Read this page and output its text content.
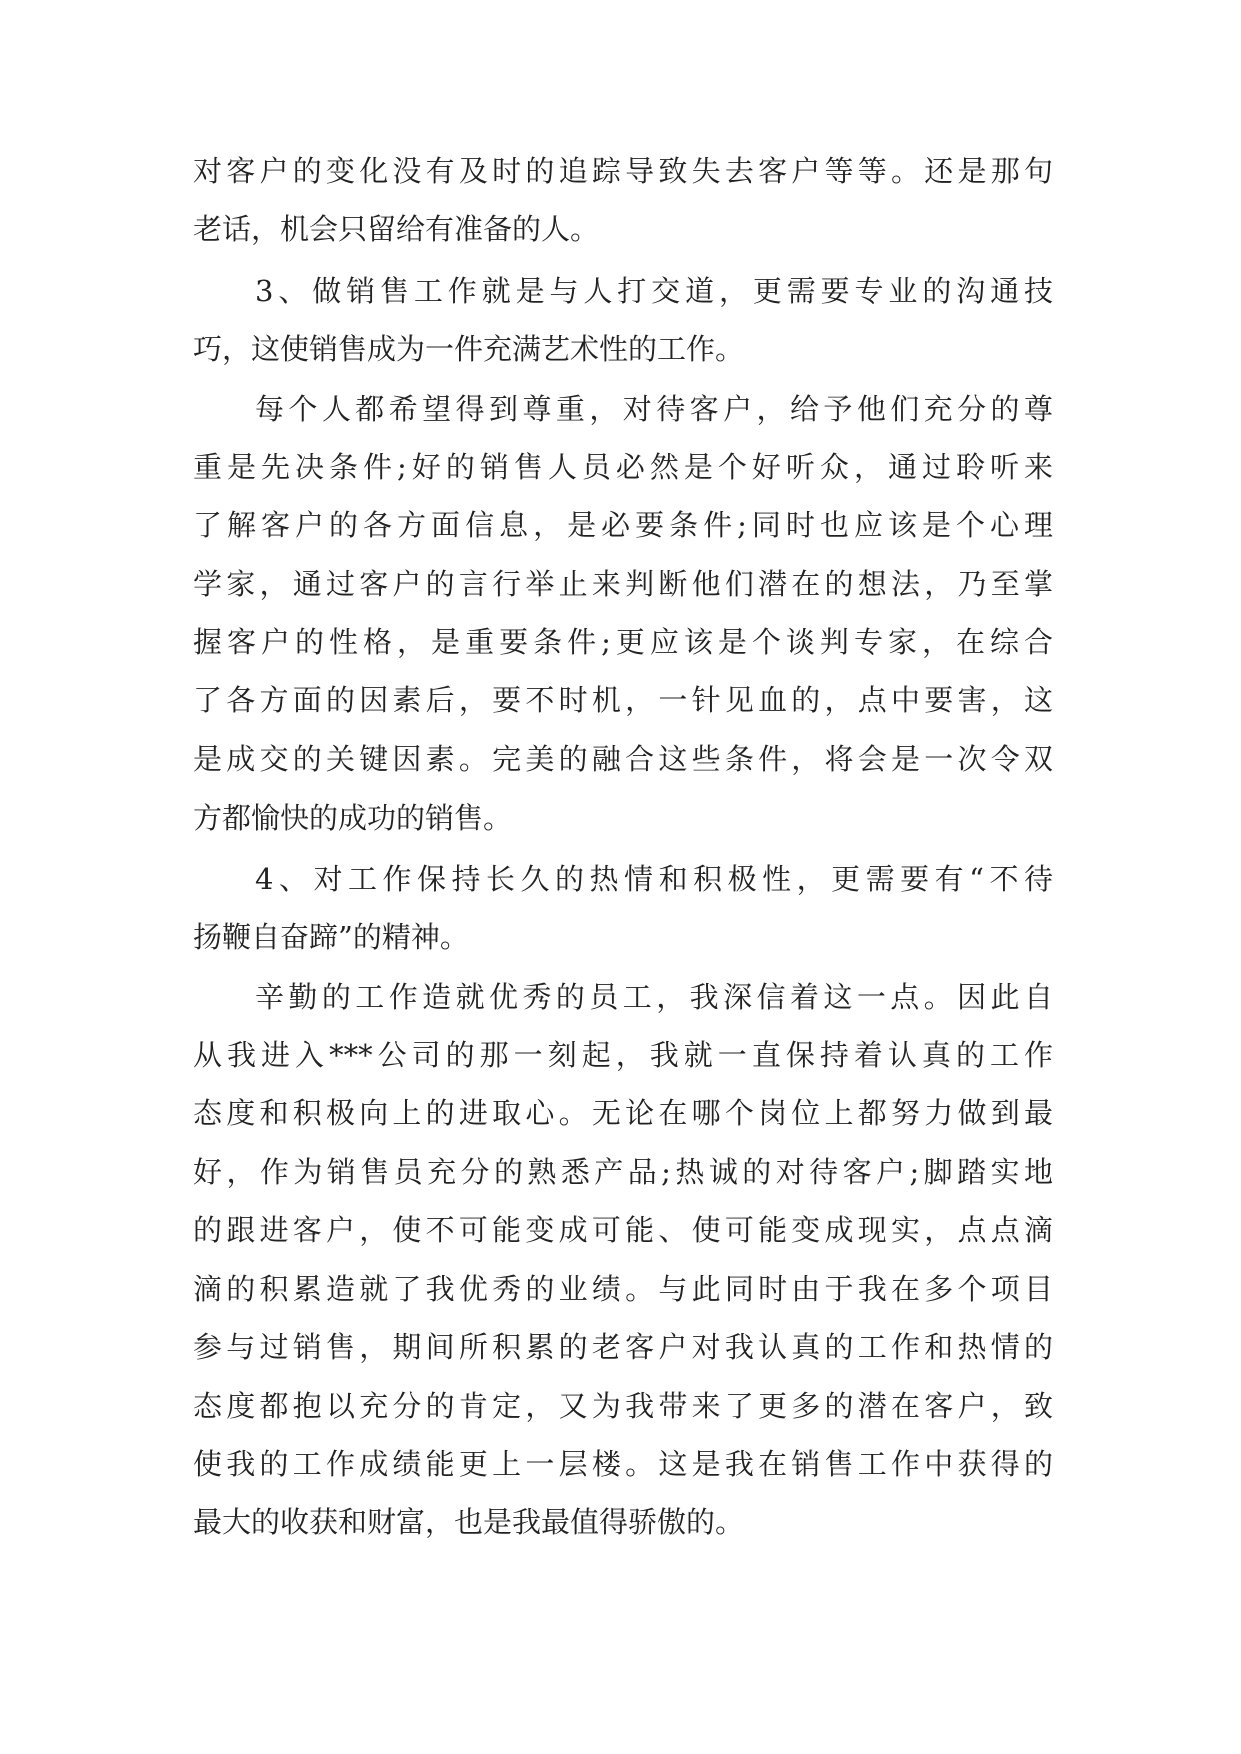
对客户的变化没有及时的追踪导致失去客户等等。还是那句
老话，机会只留给有准备的人。
3、做销售工作就是与人打交道，更需要专业的沟通技
巧，这使销售成为一件充满艺术性的工作。
每个人都希望得到尊重，对待客户，给予他们充分的尊
重是先决条件;好的销售人员必然是个好听众，通过聆听来
了解客户的各方面信息，是必要条件;同时也应该是个心理
学家，通过客户的言行举止来判断他们潜在的想法，乃至掌
握客户的性格，是重要条件;更应该是个谈判专家，在综合
了各方面的因素后，要不时机，一针见血的，点中要害，这
是成交的关键因素。完美的融合这些条件，将会是一次令双
方都愉快的成功的销售。
4、对工作保持长久的热情和积极性，更需要有“不待
扬鞭自奋蹄”的精神。
辛勤的工作造就优秀的员工，我深信着这一点。因此自
从我进入***公司的那一刻起，我就一直保持着认真的工作
态度和积极向上的进取心。无论在哪个岗位上都努力做到最
好，作为销售员充分的熟悉产品;热诚的对待客户;脚踏实地
的跟进客户，使不可能变成可能、使可能变成现实，点点滴
滴的积累造就了我优秀的业绩。与此同时由于我在多个项目
参与过销售，期间所积累的老客户对我认真的工作和热情的
态度都抱以充分的肯定，又为我带来了更多的潜在客户，致
使我的工作成绩能更上一层楼。这是我在销售工作中获得的
最大的收获和财富，也是我最值得骄傲的。
